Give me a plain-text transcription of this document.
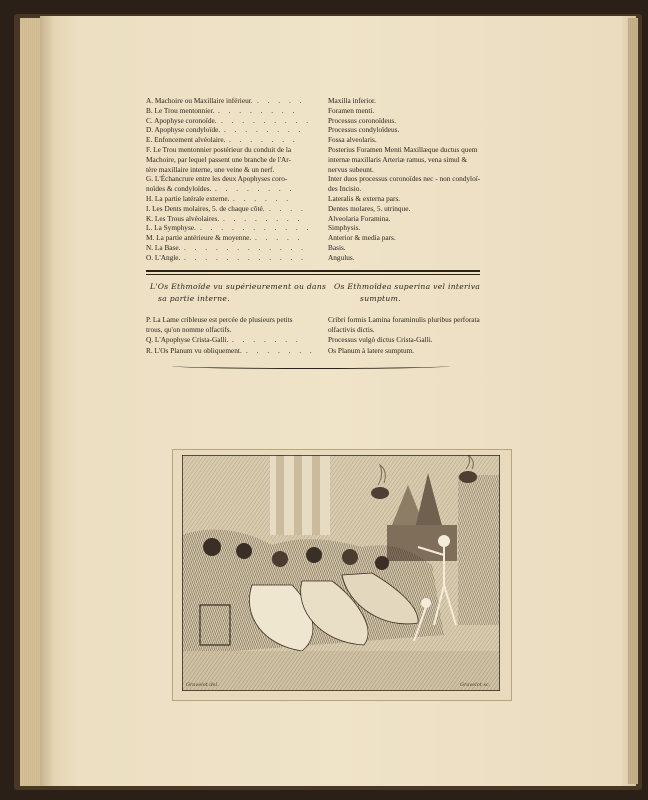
A. Machoire ou Maxillaire inférieur. . . . . .	Maxilla inferior.
B. Le Trou mentonnier. . . . . . . . .	Foramen menti.
C. Apophyse coronoïde. . . . . . . . . . Processus coronoïdeus.
D. Apophyse condyloïde. . . . . . . . .	Processus condyloïdeus.
E. Enfoncement alvéolaire. . . . . . . .	Fossa alveolaris.
F. Le Trou mentonnier postérieur du conduit de la	Posterius Foramen Menti Maxillæque ductus quem
Machoire, par lequel passent une branche de l'Ar-	internæ maxillaris Arteriæ ramus, vena simul &
tère maxillaire interne, une veine & un nerf.	nervus subeunt.
G. L'Échancrure entre les deux Apophyses coro-	Inter duos processus coronoïdes nec - non condyloï-
noïdes & condyloïdes. . . . . . . . .	des Incisio.
H. La partie latérale externe. . . . . . .	Lateralis & externa pars.
I. Les Dents molaires, 5. de chaque côté. . . . .	Dentes molares, 5. utrinque.
K. Les Trous alvéolaires. . . . . . . . .	Alveolaria Foramina.
L. La Symphyse. . . . . . . . . . . . Simphysis.
M. La partie antérieure & moyenne. . . . . .	Anterior & media pars.
N. La Base. . . . . . . . . . . . .	Basis.
O. L'Angle. . . . . . . . . . . . .	Angulus.
L'Os Ethmoïde vu supérieurement ou dans
sa partie interne.
Os Ethmoïdea superina vel interiva
sumptum.
P. La Lame cribleuse est percée de plusieurs petits	Cribri formis Lamina foraminulis pluribus perforata
trous, qu'on nomme olfactifs.	olfactivis dictis.
Q. L'Apophyse Crista-Galli. . . . . . . .	Processus vulgò dictus Crista-Galli.
R. L'Os Planum vu obliquement. . . . . . . . Os Planum à latere sumptum.
Gravelot del.	Gravelot sc.
